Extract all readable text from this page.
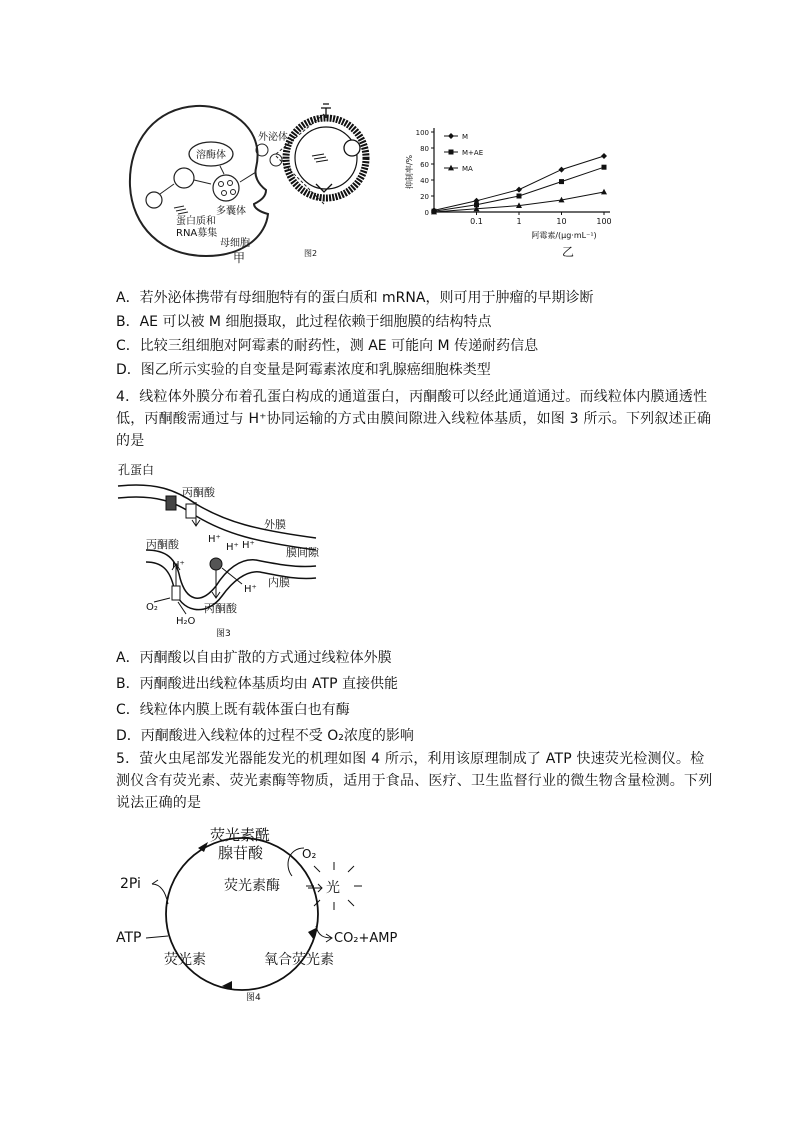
溶酶体
外泌体
多囊体
蛋白质和
RNA募集
母细胞
甲	图2
0
20
40
60
80
100
0.1	1	10	100
抑制率/%
阿霉素/(μg·mL⁻¹)
乙
M
M+AE
MA
A．若外泌体携带有母细胞特有的蛋白质和 mRNA，则可用于肿瘤的早期诊断
B．AE 可以被 M 细胞摄取，此过程依赖于细胞膜的结构特点
C．比较三组细胞对阿霉素的耐药性，测 AE 可能向 M 传递耐药信息
D．图乙所示实验的自变量是阿霉素浓度和乳腺癌细胞株类型
4．线粒体外膜分布着孔蛋白构成的通道蛋白，丙酮酸可以经此通道通过。而线粒体内膜通透性低，丙酮酸需通过与 H⁺协同运输的方式由膜间隙进入线粒体基质，如图 3 所示。下列叙述正确的是
孔蛋白
丙酮酸
外膜
H⁺
H⁺ H⁺
膜间隙
丙酮酸
H⁺
H⁺
内膜
O₂
H₂O
丙酮酸
图3
A．丙酮酸以自由扩散的方式通过线粒体外膜
B．丙酮酸进出线粒体基质均由 ATP 直接供能
C．线粒体内膜上既有载体蛋白也有酶
D．丙酮酸进入线粒体的过程不受 O₂浓度的影响
5．萤火虫尾部发光器能发光的机理如图 4 所示，利用该原理制成了 ATP 快速荧光检测仪。检测仪含有荧光素、荧光素酶等物质，适用于食品、医疗、卫生监督行业的微生物含量检测。下列说法正确的是
荧光素酰
腺苷酸
荧光素酶
O₂
光
2Pi
ATP	CO₂+AMP
荧光素	氧合荧光素
图4
